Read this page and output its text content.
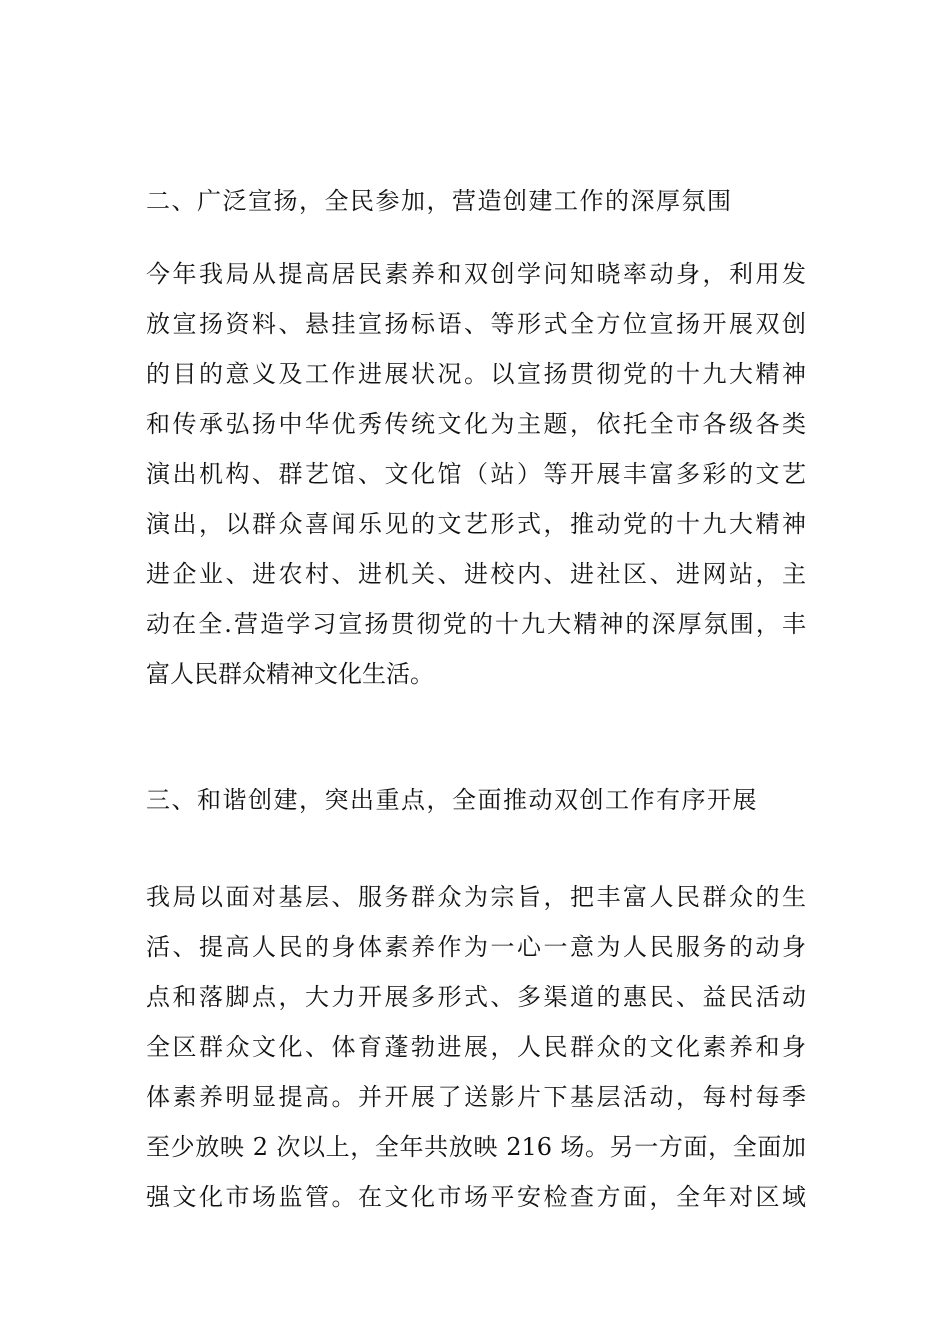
二、广泛宣扬，全民参加，营造创建工作的深厚氛围
今年我局从提高居民素养和双创学问知晓率动身，利用发
放宣扬资料、悬挂宣扬标语、等形式全方位宣扬开展双创
的目的意义及工作进展状况。以宣扬贯彻党的十九大精神
和传承弘扬中华优秀传统文化为主题，依托全市各级各类
演出机构、群艺馆、文化馆（站）等开展丰富多彩的文艺
演出，以群众喜闻乐见的文艺形式，推动党的十九大精神
进企业、进农村、进机关、进校内、进社区、进网站，主
动在全.营造学习宣扬贯彻党的十九大精神的深厚氛围，丰
富人民群众精神文化生活。
三、和谐创建，突出重点，全面推动双创工作有序开展
我局以面对基层、服务群众为宗旨，把丰富人民群众的生
活、提高人民的身体素养作为一心一意为人民服务的动身
点和落脚点，大力开展多形式、多渠道的惠民、益民活动
全区群众文化、体育蓬勃进展，人民群众的文化素养和身
体素养明显提高。并开展了送影片下基层活动，每村每季
至少放映 2 次以上，全年共放映 216 场。另一方面，全面加
强文化市场监管。在文化市场平安检查方面，全年对区域
